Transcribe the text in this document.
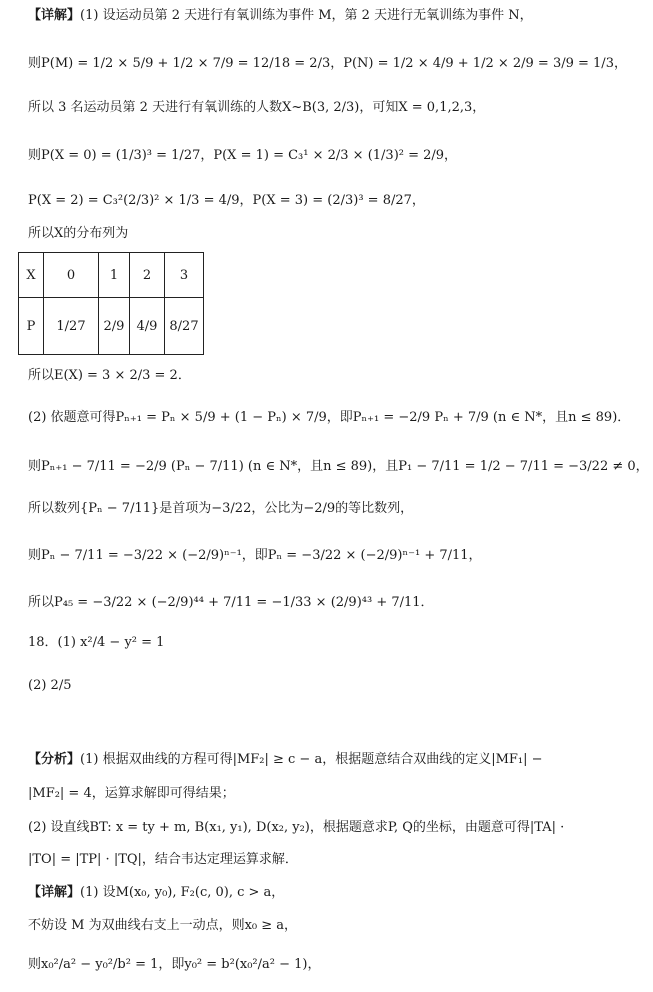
【详解】(1) 设运动员第 2 天进行有氧训练为事件 M，第 2 天进行无氧训练为事件 N，
则P(M) = 1/2 × 5/9 + 1/2 × 7/9 = 12/18 = 2/3，P(N) = 1/2 × 4/9 + 1/2 × 2/9 = 3/9 = 1/3，
所以 3 名运动员第 2 天进行有氧训练的人数X~B(3, 2/3)，可知X = 0,1,2,3，
则P(X = 0) = (1/3)³ = 1/27，P(X = 1) = C₃¹ × 2/3 × (1/3)² = 2/9，
P(X = 2) = C₃²(2/3)² × 1/3 = 4/9，P(X = 3) = (2/3)³ = 8/27，
所以X的分布列为
X	0	1	2	3
P	1/27	2/9	4/9	8/27
所以E(X) = 3 × 2/3 = 2．
(2) 依题意可得Pₙ₊₁ = Pₙ × 5/9 + (1 − Pₙ) × 7/9，即Pₙ₊₁ = −2/9 Pₙ + 7/9 (n ∈ N*，且n ≤ 89)．
则Pₙ₊₁ − 7/11 = −2/9 (Pₙ − 7/11) (n ∈ N*，且n ≤ 89)，且P₁ − 7/11 = 1/2 − 7/11 = −3/22 ≠ 0，
所以数列{Pₙ − 7/11}是首项为−3/22，公比为−2/9的等比数列，
则Pₙ − 7/11 = −3/22 × (−2/9)ⁿ⁻¹，即Pₙ = −3/22 × (−2/9)ⁿ⁻¹ + 7/11，
所以P₄₅ = −3/22 × (−2/9)⁴⁴ + 7/11 = −1/33 × (2/9)⁴³ + 7/11．
18．(1) x²/4 − y² = 1
(2) 2/5
【分析】(1) 根据双曲线的方程可得|MF₂| ≥ c − a，根据题意结合双曲线的定义|MF₁| −
|MF₂| = 4，运算求解即可得结果；
(2) 设直线BT: x = ty + m, B(x₁, y₁), D(x₂, y₂)，根据题意求P, Q的坐标，由题意可得|TA| ·
|TO| = |TP| · |TQ|，结合韦达定理运算求解．
【详解】(1) 设M(x₀, y₀), F₂(c, 0), c > a，
不妨设 M 为双曲线右支上一动点，则x₀ ≥ a，
则x₀²/a² − y₀²/b² = 1，即y₀² = b²(x₀²/a² − 1)，
